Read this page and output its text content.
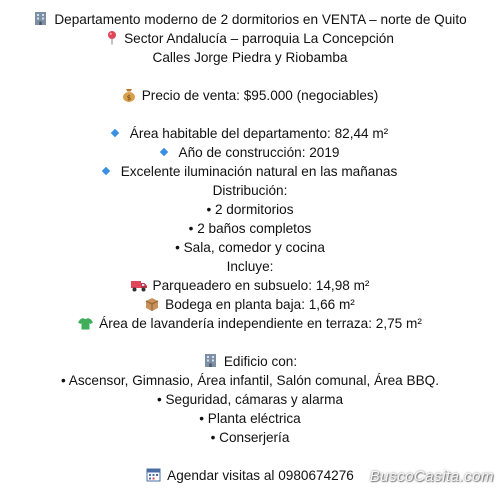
Departamento moderno de 2 dormitorios en VENTA – norte de Quito
Sector Andalucía – parroquia La Concepción
Calles Jorge Piedra y Riobamba
$ Precio de venta: $95.000 (negociables)
Área habitable del departamento: 82,44 m²
Año de construcción: 2019
Excelente iluminación natural en las mañanas
Distribución:
• 2 dormitorios
• 2 baños completos
• Sala, comedor y cocina
Incluye:
Parqueadero en subsuelo: 14,98 m²
Bodega en planta baja: 1,66 m²
Área de lavandería independiente en terraza: 2,75 m²
Edificio con:
• Ascensor, Gimnasio, Área infantil, Salón comunal, Área BBQ.
• Seguridad, cámaras y alarma
• Planta eléctrica
• Conserjería
Agendar visitas al 0980674276	BuscoCasita.com
